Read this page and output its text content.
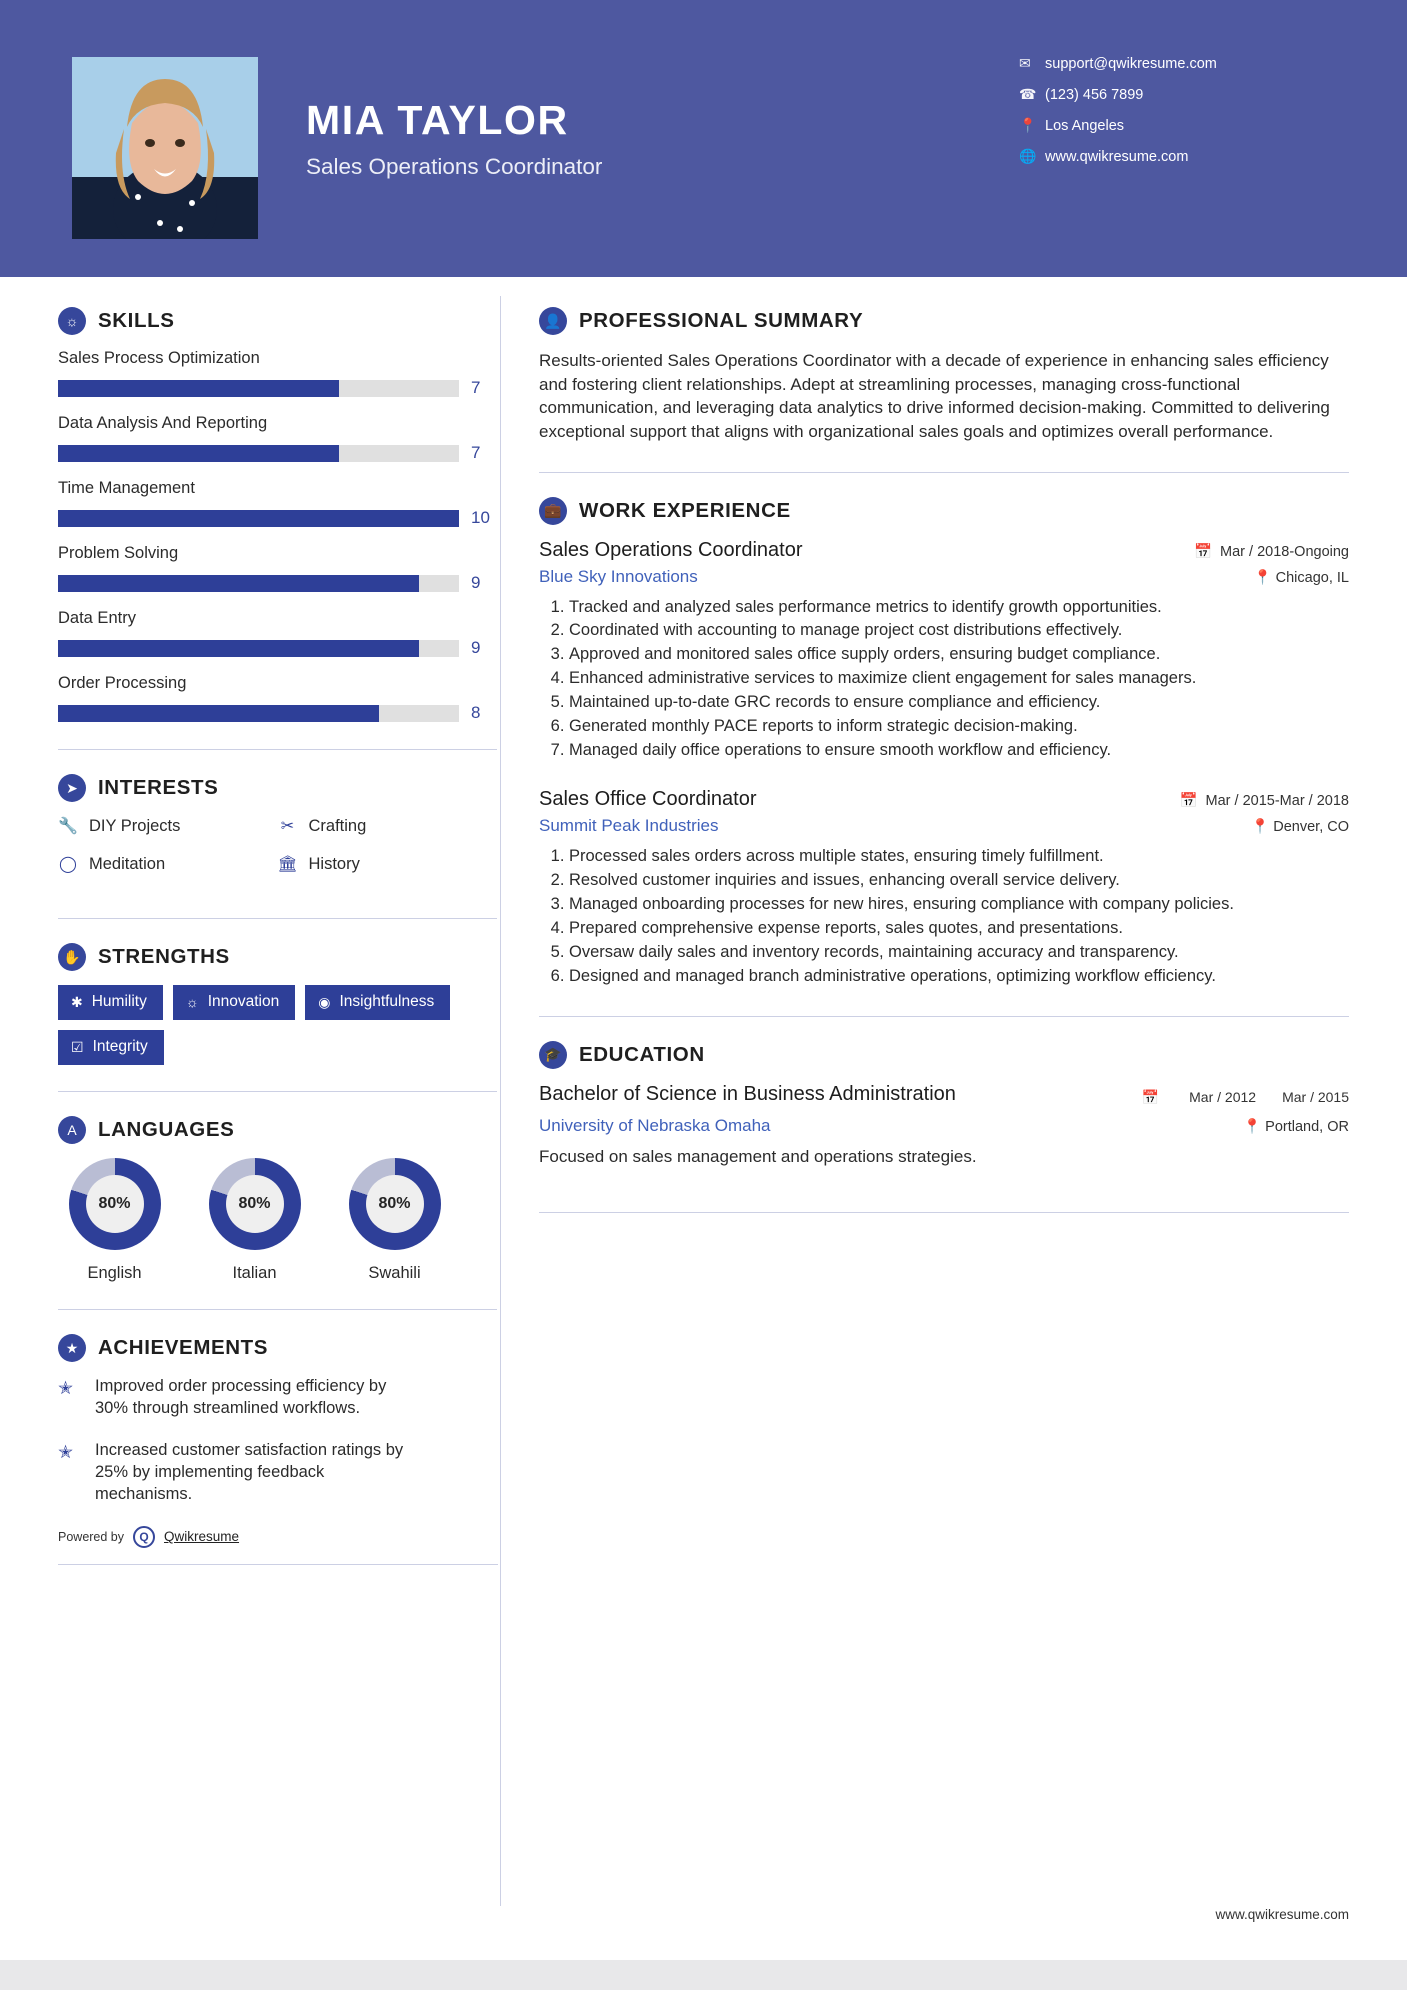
MIA TAYLOR
Sales Operations Coordinator
✉ support@qwikresume.com
☎ (123) 456 7899
📍 Los Angeles
🌐 www.qwikresume.com
☼ SKILLS
Sales Process Optimization
7
Data Analysis And Reporting
7
Time Management
10
Problem Solving
9
Data Entry
9
Order Processing
8
➤ INTERESTS
🔧 DIY Projects	✂ Crafting
◯ Meditation	🏛 History
✋ STRENGTHS
✱ Humility	☼ Innovation	◉ Insightfulness
☑ Integrity
A	LANGUAGES
80%
English
80%
Italian
80%
Swahili
★ ACHIEVEMENTS
✭	Improved order processing efficiency by 30% through streamlined workflows.
✭	Increased customer satisfaction ratings by 25% by implementing feedback mechanisms.
Powered by	Q	Qwikresume
👤 PROFESSIONAL SUMMARY
Results-oriented Sales Operations Coordinator with a decade of experience in enhancing sales efficiency and fostering client relationships. Adept at streamlining processes, managing cross-functional communication, and leveraging data analytics to drive informed decision-making. Committed to delivering exceptional support that aligns with organizational sales goals and optimizes overall performance.
💼 WORK EXPERIENCE
Sales Operations Coordinator	📅 Mar / 2018-Ongoing
Blue Sky Innovations	📍 Chicago, IL
1. Tracked and analyzed sales performance metrics to identify growth opportunities.
2. Coordinated with accounting to manage project cost distributions effectively.
3. Approved and monitored sales office supply orders, ensuring budget compliance.
4. Enhanced administrative services to maximize client engagement for sales managers.
5. Maintained up-to-date GRC records to ensure compliance and efficiency.
6. Generated monthly PACE reports to inform strategic decision-making.
7. Managed daily office operations to ensure smooth workflow and efficiency.
Sales Office Coordinator	📅 Mar / 2015-Mar / 2018
Summit Peak Industries	📍 Denver, CO
1. Processed sales orders across multiple states, ensuring timely fulfillment.
2. Resolved customer inquiries and issues, enhancing overall service delivery.
3. Managed onboarding processes for new hires, ensuring compliance with company policies.
4. Prepared comprehensive expense reports, sales quotes, and presentations.
5. Oversaw daily sales and inventory records, maintaining accuracy and transparency.
6. Designed and managed branch administrative operations, optimizing workflow efficiency.
🎓 EDUCATION
Bachelor of Science in Business Administration	📅 Mar / 2012 Mar / 2015
University of Nebraska Omaha	📍 Portland, OR
Focused on sales management and operations strategies.
www.qwikresume.com
